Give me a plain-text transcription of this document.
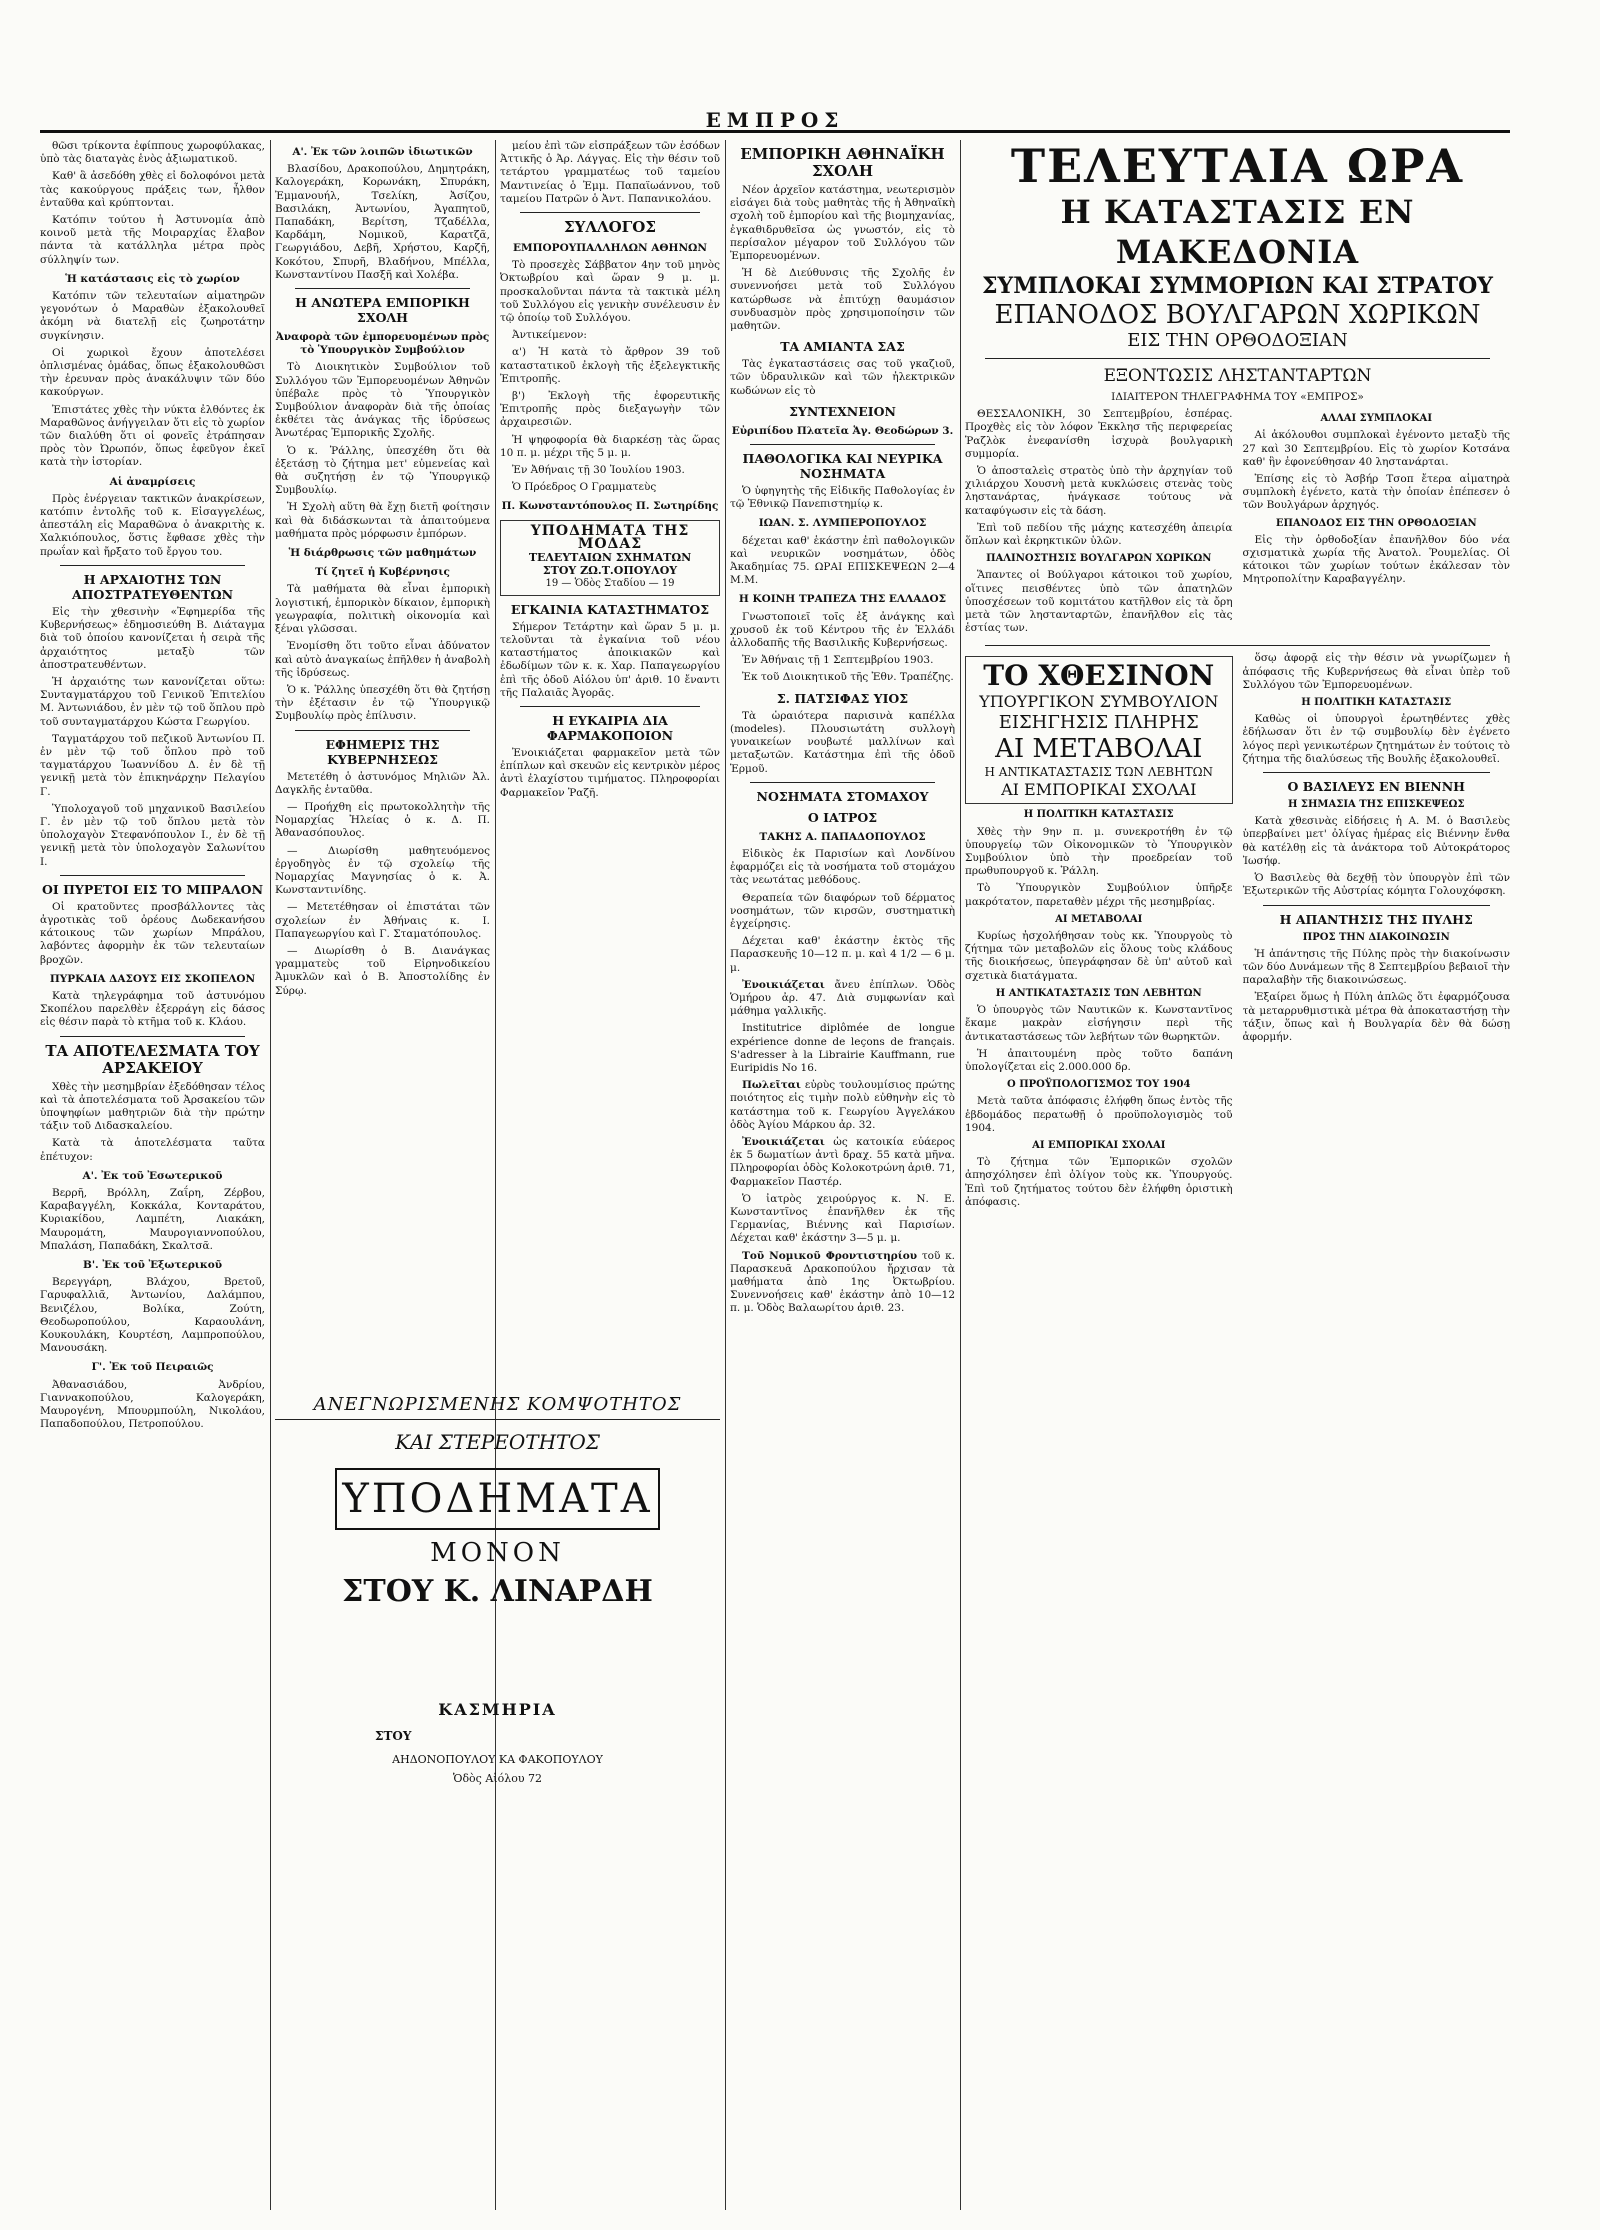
ΕΜΠΡΟΣ

θῶσι τρίκοντα ἐφίππους χωροφύλακας, ὑπὸ τὰς διαταγὰς ἑνὸς ἀξιωματικοῦ.

Καθ' ἃ ἀσεδόθη χθὲς εἰ δολοφόνοι μετὰ τὰς κακούργους πράξεις των, ἦλθον ἐνταῦθα καὶ κρύπτονται.

Κατόπιν τούτου ἡ Ἀστυνομία ἀπὸ κοινοῦ μετὰ τῆς Μοιραρχίας ἔλαβον πάντα τὰ κατάλληλα μέτρα πρὸς σύλληψίν των.

Ἡ κατάστασις εἰς τὸ χωρίον

Κατόπιν τῶν τελευταίων αἱματηρῶν γεγονότων ὁ Μαραθὼν ἐξακολουθεῖ ἀκόμη νὰ διατελῇ εἰς ζωηροτάτην συγκίνησιν.

Οἱ χωρικοὶ ἔχουν ἀποτελέσει ὁπλισμένας ὁμάδας, ὅπως ἐξακολουθῶσι τὴν ἐρευναν πρὸς ἀνακάλυψιν τῶν δύο κακούργων.

Ἐπιστάτες χθὲς τὴν νύκτα ἐλθόντες ἐκ Μαραθῶνος ἀνήγγειλαν ὅτι εἰς τὸ χωρίον τῶν διαλύθη ὅτι οἱ φονεῖς ἐτράπησαν πρὸς τὸν Ὠρωπόν, ὅπως ἐφεῦγον ἐκεῖ κατὰ τὴν ἱστορίαν.

Αἱ ἀναμρίσεις

Πρὸς ἐνέργειαν τακτικῶν ἀνακρίσεων, κατόπιν ἐντολῆς τοῦ κ. Εἰσαγγελέως, ἀπεστάλη εἰς Μαραθῶνα ὁ ἀνακριτὴς κ. Χαλκιόπουλος, ὅστις ἔφθασε χθὲς τὴν πρωΐαν καὶ ἤρξατο τοῦ ἔργου του.

Η ΑΡΧΑΙΟΤΗΣ ΤΩΝ ΑΠΟΣΤΡΑΤΕΥΘΕΝΤΩΝ

Εἰς τὴν χθεσινὴν «Ἐφημερίδα τῆς Κυβερνήσεως» ἐδημοσιεύθη Β. Διάταγμα διὰ τοῦ ὁποίου κανονίζεται ἡ σειρὰ τῆς ἀρχαιότητος μεταξὺ τῶν ἀποστρατευθέντων.

Ἡ ἀρχαιότης των κανονίζεται οὕτω: Συνταγματάρχου τοῦ Γενικοῦ Ἐπιτελίου Μ. Ἀντωνιάδου, ἐν μὲν τῷ τοῦ ὅπλου πρὸ τοῦ συνταγματάρχου Κώστα Γεωργίου.

Ταγματάρχου τοῦ πεζικοῦ Ἀντωνίου Π. ἐν μὲν τῷ τοῦ ὅπλου πρὸ τοῦ ταγματάρχου Ἰωαννίδου Δ. ἐν δὲ τῇ γενικῇ μετὰ τὸν ἐπικηνάρχην Πελαγίου Γ.

Ὑπολοχαγοῦ τοῦ μηχανικοῦ Βασιλείου Γ. ἐν μὲν τῷ τοῦ ὅπλου μετὰ τὸν ὑπολοχαγὸν Στεφανόπουλον Ι., ἐν δὲ τῇ γενικῇ μετὰ τὸν ὑπολοχαγὸν Σαλωνίτου Ι.

ΟΙ ΠΥΡΕΤΟΙ ΕΙΣ ΤΟ ΜΠΡΑΛΟΝ

Οἱ κρατοῦντες προσβάλλοντες τὰς ἀγροτικὰς τοῦ ὀρέους Δωδεκανήσου κάτοικους τῶν χωρίων Μπράλου, λαβόντες ἀφορμὴν ἐκ τῶν τελευταίων βροχῶν.

ΠΥΡΚΑΙΑ ΔΑΣΟΥΣ ΕΙΣ ΣΚΟΠΕΛΟΝ

Κατὰ τηλεγράφημα τοῦ ἀστυνόμου Σκοπέλου παρελθὲν ἐξερράγη εἰς δάσος εἰς θέσιν παρὰ τὸ κτῆμα τοῦ κ. Κλάου.

ΤΑ ΑΠΟΤΕΛΕΣΜΑΤΑ ΤΟΥ ΑΡΣΑΚΕΙΟΥ

Χθὲς τὴν μεσημβρίαν ἐξεδόθησαν τέλος καὶ τὰ ἀποτελέσματα τοῦ Ἀρσακείου τῶν ὑποψηφίων μαθητριῶν διὰ τὴν πρώτην τάξιν τοῦ Διδασκαλείου.

Κατὰ τὰ ἀποτελέσματα ταῦτα ἐπέτυχον:

Α'. Ἐκ τοῦ Ἐσωτερικοῦ

Βερρῆ, Βρόλλη, Ζαΐρη, Ζέρβου, Καραβαγγέλη, Κοκκάλα, Κονταράτου, Κυριακίδου, Λαμπέτη, Λιακάκη, Μαυρομάτη, Μαυρογιαννοπούλου, Μπαλάση, Παπαδάκη, Σκαλτσᾶ.

Β'. Ἐκ τοῦ Ἐξωτερικοῦ

Βερεγγάρη, Βλάχου, Βρετοῦ, Γαρυφαλλιᾶ, Ἀντωνίου, Δαλάμπου, Βενιζέλου, Βολίκα, Ζούτη, Θεοδωροπούλου, Καραουλάνη, Κουκουλάκη, Κουρτέση, Λαμπροπούλου, Μανουσάκη.

Γ'. Ἐκ τοῦ Πειραιῶς

Ἀθανασιάδου, Ἀνδρίου, Γιαννακοπούλου, Καλογεράκη, Μαυρογένη, Μπουρμπούλη, Νικολάου, Παπαδοπούλου, Πετροπούλου.

Α'. Ἐκ τῶν λοιπῶν ἰδιωτικῶν

Βλασίδου, Δρακοπούλου, Δημητράκη, Καλογεράκη, Κορωνάκη, Σπυράκη, Ἐμμανουήλ, Τσελίκη, Ἀσίζου, Βασιλάκη, Ἀντωνίου, Ἀγαπητοῦ, Παπαδάκη, Βερίτση, Τζαδέλλα, Καρδάμη, Νομικοῦ, Καρατζᾶ, Γεωργιάδου, Δεβῆ, Χρήστου, Καρζῆ, Κοκότου, Σπυρῆ, Βλαδήνου, Μπέλλα, Κωνσταντίνου Πασξῆ καὶ Χολέβα.

Η ΑΝΩΤΕΡΑ ΕΜΠΟΡΙΚΗ ΣΧΟΛΗ
Ἀναφορὰ τῶν ἐμπορευομένων πρὸς τὸ Ὑπουργικὸν Συμβούλιον

Τὸ Διοικητικὸν Συμβούλιον τοῦ Συλλόγου τῶν Ἐμπορευομένων Ἀθηνῶν ὑπέβαλε πρὸς τὸ Ὑπουργικὸν Συμβούλιον ἀναφορὰν διὰ τῆς ὁποίας ἐκθέτει τὰς ἀνάγκας τῆς ἱδρύσεως Ἀνωτέρας Ἐμπορικῆς Σχολῆς.

Ὁ κ. Ῥάλλης, ὑπεσχέθη ὅτι θὰ ἐξετάσῃ τὸ ζήτημα μετ' εὐμενείας καὶ θὰ συζητήσῃ ἐν τῷ Ὑπουργικῷ Συμβουλίῳ.

Ἡ Σχολὴ αὕτη θὰ ἔχῃ διετῆ φοίτησιν καὶ θὰ διδάσκωνται τὰ ἀπαιτούμενα μαθήματα πρὸς μόρφωσιν ἐμπόρων.

Ἡ διάρθρωσις τῶν μαθημάτων
Τί ζητεῖ ἡ Κυβέρνησις

Τὰ μαθήματα θὰ εἶναι ἐμπορικὴ λογιστική, ἐμπορικὸν δίκαιον, ἐμπορικὴ γεωγραφία, πολιτικὴ οἰκονομία καὶ ξέναι γλῶσσαι.

Ἐνομίσθη ὅτι τοῦτο εἶναι ἀδύνατον καὶ αὐτὸ ἀναγκαίως ἐπῆλθεν ἡ ἀναβολὴ τῆς ἱδρύσεως.

Ὁ κ. Ῥάλλης ὑπεσχέθη ὅτι θὰ ζητήσῃ τὴν ἐξέτασιν ἐν τῷ Ὑπουργικῷ Συμβουλίῳ πρὸς ἐπίλυσιν.

ΕΦΗΜΕΡΙΣ ΤΗΣ ΚΥΒΕΡΝΗΣΕΩΣ

Μετετέθη ὁ ἀστυνόμος Μηλιῶν Ἀλ. Δαγκλῆς ἐνταῦθα.

— Προήχθη εἰς πρωτοκολλητὴν τῆς Νομαρχίας Ἠλείας ὁ κ. Δ. Π. Ἀθανασόπουλος.

— Διωρίσθη μαθητευόμενος ἐργοδηγὸς ἐν τῷ σχολείῳ τῆς Νομαρχίας Μαγνησίας ὁ κ. Ἀ. Κωνσταντινίδης.

— Μετετέθησαν οἱ ἐπιστάται τῶν σχολείων ἐν Ἀθήναις κ. Ι. Παπαγεωργίου καὶ Γ. Σταματόπουλος.

— Διωρίσθη ὁ Β. Διανάγκας γραμματεὺς τοῦ Εἰρηνοδικείου Ἀμυκλῶν καὶ ὁ Β. Ἀποστολίδης ἐν Σύρῳ.

μείου ἐπὶ τῶν εἰσπράξεων τῶν ἐσόδων Ἀττικῆς ὁ Ἀρ. Λάγγας. Εἰς τὴν θέσιν τοῦ τετάρτου γραμματέως τοῦ ταμείου Μαντινείας ὁ Ἐμμ. Παπαϊωάννου, τοῦ ταμείου Πατρῶν ὁ Ἀντ. Παπανικολάου.

ΣΥΛΛΟΓΟΣ
ΕΜΠΟΡΟΥΠΑΛΛΗΛΩΝ ΑΘΗΝΩΝ

Τὸ προσεχὲς Σάββατον 4ην τοῦ μηνὸς Ὀκτωβρίου καὶ ὥραν 9 μ. μ. προσκαλοῦνται πάντα τὰ τακτικὰ μέλη τοῦ Συλλόγου εἰς γενικὴν συνέλευσιν ἐν τῷ ὁποίῳ τοῦ Συλλόγου.

Ἀντικείμενον:

α') Ἡ κατὰ τὸ ἄρθρον 39 τοῦ καταστατικοῦ ἐκλογὴ τῆς ἐξελεγκτικῆς Ἐπιτροπῆς.

β') Ἐκλογὴ τῆς ἐφορευτικῆς Ἐπιτροπῆς πρὸς διεξαγωγὴν τῶν ἀρχαιρεσιῶν.

Ἡ ψηφοφορία θὰ διαρκέσῃ τὰς ὥρας 10 π. μ. μέχρι τῆς 5 μ. μ.

Ἐν Ἀθήναις τῇ 30 Ἰουλίου 1903.

Ὁ Πρόεδρος Ο Γραμματεὺς

Π. Κωνσταντόπουλος Π. Σωτηρίδης
ΥΠΟΔΗΜΑΤΑ ΤΗΣ ΜΟΔΑΣ
ΤΕΛΕΥΤΑΙΩΝ ΣΧΗΜΑΤΩΝ
ΣΤΟΥ ΖΩ.Τ.ΟΠΟΥΛΟΥ
19 — Ὁδὸς Σταδίου — 19
ΕΓΚΑΙΝΙΑ ΚΑΤΑΣΤΗΜΑΤΟΣ

Σήμερον Τετάρτην καὶ ὥραν 5 μ. μ. τελοῦνται τὰ ἐγκαίνια τοῦ νέου καταστήματος ἀποικιακῶν καὶ ἐδωδίμων τῶν κ. κ. Χαρ. Παπαγεωργίου ἐπὶ τῆς ὁδοῦ Αἰόλου ὑπ' ἀριθ. 10 ἔναντι τῆς Παλαιᾶς Ἀγορᾶς.

Η ΕΥΚΑΙΡΙΑ ΔΙΑ ΦΑΡΜΑΚΟΠΟΙΟΝ

Ἐνοικιάζεται φαρμακεῖον μετὰ τῶν ἐπίπλων καὶ σκευῶν εἰς κεντρικὸν μέρος ἀντὶ ἐλαχίστου τιμήματος. Πληροφορίαι Φαρμακεῖον Ῥαζῆ.

ΑΝΕΓΝΩΡΙΣΜΕΝΗΣ ΚΟΜΨΟΤΗΤΟΣ
ΚΑΙ ΣΤΕΡΕΟΤΗΤΟΣ
ΥΠΟΔΗΜΑΤΑ
ΜΟΝΟΝ
ΣΤΟΥ Κ. ΛΙΝΑΡΔΗ
ΚΑΣΜΗΡΙΑ
ΣΤΟΥ
ΑΗΔΟΝΟΠΟΥΛΟΥ ΚΑ ΦΑΚΟΠΟΥΛΟΥ
Ὁδὸς Αἰόλου 72
ΕΜΠΟΡΙΚΗ ΑΘΗΝΑΪΚΗ ΣΧΟΛΗ

Νέον ἀρχεῖον κατάστημα, νεωτερισμὸν εἰσάγει διὰ τοὺς μαθητὰς τῆς ἡ Ἀθηναϊκὴ σχολὴ τοῦ ἐμπορίου καὶ τῆς βιομηχανίας, ἐγκαθιδρυθεῖσα ὡς γνωστόν, εἰς τὸ περίσαλον μέγαρον τοῦ Συλλόγου τῶν Ἐμπορευομένων.

Ἡ δὲ Διεύθυνσις τῆς Σχολῆς ἐν συνεννοήσει μετὰ τοῦ Συλλόγου κατώρθωσε νὰ ἐπιτύχῃ θαυμάσιον συνδυασμὸν πρὸς χρησιμοποίησιν τῶν μαθητῶν.

ΤΑ ΑΜΙΑΝΤΑ ΣΑΣ

Τὰς ἐγκαταστάσεις σας τοῦ γκαζιοῦ, τῶν ὑδραυλικῶν καὶ τῶν ἠλεκτρικῶν κωδώνων εἰς τὸ

ΣΥΝΤΕΧΝΕΙΟΝ
Εὐριπίδου Πλατεῖα Ἁγ. Θεοδώρων 3.
ΠΑΘΟΛΟΓΙΚΑ ΚΑΙ ΝΕΥΡΙΚΑ ΝΟΣΗΜΑΤΑ

Ὁ ὑφηγητὴς τῆς Εἰδικῆς Παθολογίας ἐν τῷ Ἐθνικῷ Πανεπιστημίῳ κ.

ΙΩΑΝ. Σ. ΛΥΜΠΕΡΟΠΟΥΛΟΣ

δέχεται καθ' ἑκάστην ἐπὶ παθολογικῶν καὶ νευρικῶν νοσημάτων, ὁδὸς Ἀκαδημίας 75. ΩΡΑΙ ΕΠΙΣΚΕΨΕΩΝ 2—4 Μ.Μ.

Η ΚΟΙΝΗ ΤΡΑΠΕΖΑ ΤΗΣ ΕΛΛΑΔΟΣ

Γνωστοποιεῖ τοῖς ἐξ ἀνάγκης καὶ χρυσοῦ ἐκ τοῦ Κέντρου τῆς ἐν Ἑλλάδι ἀλλοδαπῆς τῆς Βασιλικῆς Κυβερνήσεως.

Ἐν Ἀθήναις τῇ 1 Σεπτεμβρίου 1903.

Ἐκ τοῦ Διοικητικοῦ τῆς Ἐθν. Τραπέζης.

Σ. ΠΑΤΣΙΦΑΣ ΥΙΟΣ

Τὰ ὡραιότερα παρισινὰ καπέλλα (modeles). Πλουσιωτάτη συλλογὴ γυναικείων νουβωτέ μαλλίνων καὶ μεταξωτῶν. Κατάστημα ἐπὶ τῆς ὁδοῦ Ἑρμοῦ.

ΝΟΣΗΜΑΤΑ ΣΤΟΜΑΧΟΥ
Ο ΙΑΤΡΟΣ
ΤΑΚΗΣ Α. ΠΑΠΑΔΟΠΟΥΛΟΣ

Εἰδικὸς ἐκ Παρισίων καὶ Λονδίνου ἐφαρμόζει εἰς τὰ νοσήματα τοῦ στομάχου τὰς νεωτάτας μεθόδους.

Θεραπεία τῶν διαφόρων τοῦ δέρματος νοσημάτων, τῶν κιρσῶν, συστηματικὴ ἐγχείρησις.

Δέχεται καθ' ἑκάστην ἐκτὸς τῆς Παρασκευῆς 10—12 π. μ. καὶ 4 1/2 — 6 μ. μ.

Ἐνοικιάζεται ἄνευ ἐπίπλων. Ὁδὸς Ὁμήρου ἀρ. 47. Διὰ συμφωνίαν καὶ μάθημα γαλλικῆς.

Institutrice diplômée de longue expérience donne de leçons de français. S'adresser à la Librairie Kauffmann, rue Euripidis No 16.

Πωλεῖται εὐρὺς τουλουμίσιος πρώτης ποιότητος εἰς τιμὴν πολὺ εὐθηνὴν εἰς τὸ κατάστημα τοῦ κ. Γεωργίου Ἀγγελάκου ὁδὸς Ἀγίου Μάρκου ἀρ. 32.

Ἐνοικιάζεται ὡς κατοικία εὐάερος ἐκ 5 δωματίων ἀντὶ δραχ. 55 κατὰ μῆνα. Πληροφορίαι ὁδὸς Κολοκοτρώνη ἀριθ. 71, Φαρμακεῖον Παστέρ.

Ὁ ἰατρὸς χειρούργος κ. Ν. Ε. Κωνσταντῖνος ἐπανῆλθεν ἐκ τῆς Γερμανίας, Βιέννης καὶ Παρισίων. Δέχεται καθ' ἑκάστην 3—5 μ. μ.

Τοῦ Νομικοῦ Φροντιστηρίου τοῦ κ. Παρασκευᾶ Δρακοπούλου ἤρχισαν τὰ μαθήματα ἀπὸ 1ης Ὀκτωβρίου. Συνεννοήσεις καθ' ἑκάστην ἀπὸ 10—12 π. μ. Ὁδὸς Βαλαωρίτου ἀριθ. 23.

ΤΕΛΕΥΤΑΙΑ ΩΡΑ
Η ΚΑΤΑΣΤΑΣΙΣ ΕΝ ΜΑΚΕΔΟΝΙΑ
ΣΥΜΠΛΟΚΑΙ ΣΥΜΜΟΡΙΩΝ ΚΑΙ ΣΤΡΑΤΟΥ
ΕΠΑΝΟΔΟΣ ΒΟΥΛΓΑΡΩΝ ΧΩΡΙΚΩΝ
ΕΙΣ ΤΗΝ ΟΡΘΟΔΟΞΙΑΝ
ΕΞΟΝΤΩΣΙΣ ΛΗΣΤΑΝΤΑΡΤΩΝ
ΙΔΙΑΙΤΕΡΟΝ ΤΗΛΕΓΡΑΦΗΜΑ ΤΟΥ «ΕΜΠΡΟΣ»

ΘΕΣΣΑΛΟΝΙΚΗ, 30 Σεπτεμβρίου, ἑσπέρας. Προχθὲς εἰς τὸν λόφον Ἐκκλησ τῆς περιφερείας Ῥαζλὸκ ἐνεφανίσθη ἰσχυρὰ βουλγαρικὴ συμμορία.

Ὁ ἀποσταλεὶς στρατὸς ὑπὸ τὴν ἀρχηγίαν τοῦ χιλιάρχου Χουσνὴ μετὰ κυκλώσεις στενὰς τοὺς ληστανάρτας, ἠνάγκασε τούτους νὰ καταφύγωσιν εἰς τὰ δάση.

Ἐπὶ τοῦ πεδίου τῆς μάχης κατεσχέθη ἀπειρία ὅπλων καὶ ἐκρηκτικῶν ὑλῶν.

ΠΑΛΙΝΟΣΤΗΣΙΣ ΒΟΥΛΓΑΡΩΝ ΧΩΡΙΚΩΝ

Ἅπαντες οἱ Βούλγαροι κάτοικοι τοῦ χωρίου, οἵτινες πεισθέντες ὑπὸ τῶν ἀπατηλῶν ὑποσχέσεων τοῦ κομιτάτου κατῆλθον εἰς τὰ ὄρη μετὰ τῶν ληστανταρτῶν, ἐπανῆλθον εἰς τὰς ἑστίας των.

ΑΛΛΑΙ ΣΥΜΠΛΟΚΑΙ

Αἱ ἀκόλουθοι συμπλοκαὶ ἐγένοντο μεταξὺ τῆς 27 καὶ 30 Σεπτεμβρίου. Εἰς τὸ χωρίον Κοτσάνα καθ' ἣν ἐφονεύθησαν 40 ληστανάρται.

Ἐπίσης εἰς τὸ Ἀσβήρ Τσοπ ἔτερα αἱματηρὰ συμπλοκὴ ἐγένετο, κατὰ τὴν ὁποίαν ἐπέπεσεν ὁ τῶν Βουλγάρων ἀρχηγός.

ΕΠΑΝΟΔΟΣ ΕΙΣ ΤΗΝ ΟΡΘΟΔΟΞΙΑΝ

Εἰς τὴν ὀρθοδοξίαν ἐπανῆλθον δύο νέα σχισματικὰ χωρία τῆς Ἀνατολ. Ῥουμελίας. Οἱ κάτοικοι τῶν χωρίων τούτων ἐκάλεσαν τὸν Μητροπολίτην Καραβαγγέλην.

ΤΟ ΧΘΕΣΙΝΟΝ
ΥΠΟΥΡΓΙΚΟΝ ΣΥΜΒΟΥΛΙΟΝ
ΕΙΣΗΓΗΣΙΣ ΠΛΗΡΗΣ
ΑΙ ΜΕΤΑΒΟΛΑΙ
Η ΑΝΤΙΚΑΤΑΣΤΑΣΙΣ ΤΩΝ ΛΕΒΗΤΩΝ
ΑΙ ΕΜΠΟΡΙΚΑΙ ΣΧΟΛΑΙ
Η ΠΟΛΙΤΙΚΗ ΚΑΤΑΣΤΑΣΙΣ

Χθὲς τὴν 9ην π. μ. συνεκροτήθη ἐν τῷ ὑπουργείῳ τῶν Οἰκονομικῶν τὸ Ὑπουργικὸν Συμβούλιον ὑπὸ τὴν προεδρείαν τοῦ πρωθυπουργοῦ κ. Ῥάλλη.

Τὸ Ὑπουργικὸν Συμβούλιον ὑπῆρξε μακρότατον, παρεταθὲν μέχρι τῆς μεσημβρίας.

ΑΙ ΜΕΤΑΒΟΛΑΙ

Κυρίως ἠσχολήθησαν τοὺς κκ. Ὑπουργοὺς τὸ ζήτημα τῶν μεταβολῶν εἰς ὅλους τοὺς κλάδους τῆς διοικήσεως, ὑπεγράφησαν δὲ ὑπ' αὐτοῦ καὶ σχετικὰ διατάγματα.

Η ΑΝΤΙΚΑΤΑΣΤΑΣΙΣ ΤΩΝ ΛΕΒΗΤΩΝ

Ὁ ὑπουργὸς τῶν Ναυτικῶν κ. Κωνσταντῖνος ἔκαμε μακρὰν εἰσήγησιν περὶ τῆς ἀντικαταστάσεως τῶν λεβήτων τῶν θωρηκτῶν.

Ἡ ἀπαιτουμένη πρὸς τοῦτο δαπάνη ὑπολογίζεται εἰς 2.000.000 δρ.

Ο ΠΡΟΫΠΟΛΟΓΙΣΜΟΣ ΤΟΥ 1904

Μετὰ ταῦτα ἀπόφασις ἐλήφθη ὅπως ἐντὸς τῆς ἑβδομάδος περατωθῇ ὁ προϋπολογισμὸς τοῦ 1904.

ΑΙ ΕΜΠΟΡΙΚΑΙ ΣΧΟΛΑΙ

Τὸ ζήτημα τῶν Ἐμπορικῶν σχολῶν ἀπησχόλησεν ἐπὶ ὀλίγον τοὺς κκ. Ὑπουργούς. Ἐπὶ τοῦ ζητήματος τούτου δὲν ἐλήφθη ὁριστικὴ ἀπόφασις.

ὅσῳ ἀφορᾷ εἰς τὴν θέσιν νὰ γνωρίζωμεν ἡ ἀπόφασις τῆς Κυβερνήσεως θὰ εἶναι ὑπὲρ τοῦ Συλλόγου τῶν Ἐμπορευομένων.

Η ΠΟΛΙΤΙΚΗ ΚΑΤΑΣΤΑΣΙΣ

Καθὼς οἱ ὑπουργοὶ ἐρωτηθέντες χθὲς ἐδήλωσαν ὅτι ἐν τῷ συμβουλίῳ δὲν ἐγένετο λόγος περὶ γενικωτέρων ζητημάτων ἐν τούτοις τὸ ζήτημα τῆς διαλύσεως τῆς Βουλῆς ἐξακολουθεῖ.

Ο ΒΑΣΙΛΕΥΣ ΕΝ ΒΙΕΝΝΗ
Η ΣΗΜΑΣΙΑ ΤΗΣ ΕΠΙΣΚΕΨΕΩΣ

Κατὰ χθεσινὰς εἰδήσεις ἡ Α. Μ. ὁ Βασιλεὺς ὑπερβαίνει μετ' ὀλίγας ἡμέρας εἰς Βιέννην ἔνθα θὰ κατέλθῃ εἰς τὰ ἀνάκτορα τοῦ Αὐτοκράτορος Ἰωσήφ.

Ὁ Βασιλεὺς θὰ δεχθῇ τὸν ὑπουργὸν ἐπὶ τῶν Ἐξωτερικῶν τῆς Αὐστρίας κόμητα Γολουχόφσκη.

Η ΑΠΑΝΤΗΣΙΣ ΤΗΣ ΠΥΛΗΣ
ΠΡΟΣ ΤΗΝ ΔΙΑΚΟΙΝΩΣΙΝ

Ἡ ἀπάντησις τῆς Πύλης πρὸς τὴν διακοίνωσιν τῶν δύο Δυνάμεων τῆς 8 Σεπτεμβρίου βεβαιοῖ τὴν παραλαβὴν τῆς διακοινώσεως.

Ἐξαίρει ὅμως ἡ Πύλη ἁπλῶς ὅτι ἐφαρμόζουσα τὰ μεταρρυθμιστικὰ μέτρα θὰ ἀποκαταστήσῃ τὴν τάξιν, ὅπως καὶ ἡ Βουλγαρία δὲν θὰ δώσῃ ἀφορμήν.
